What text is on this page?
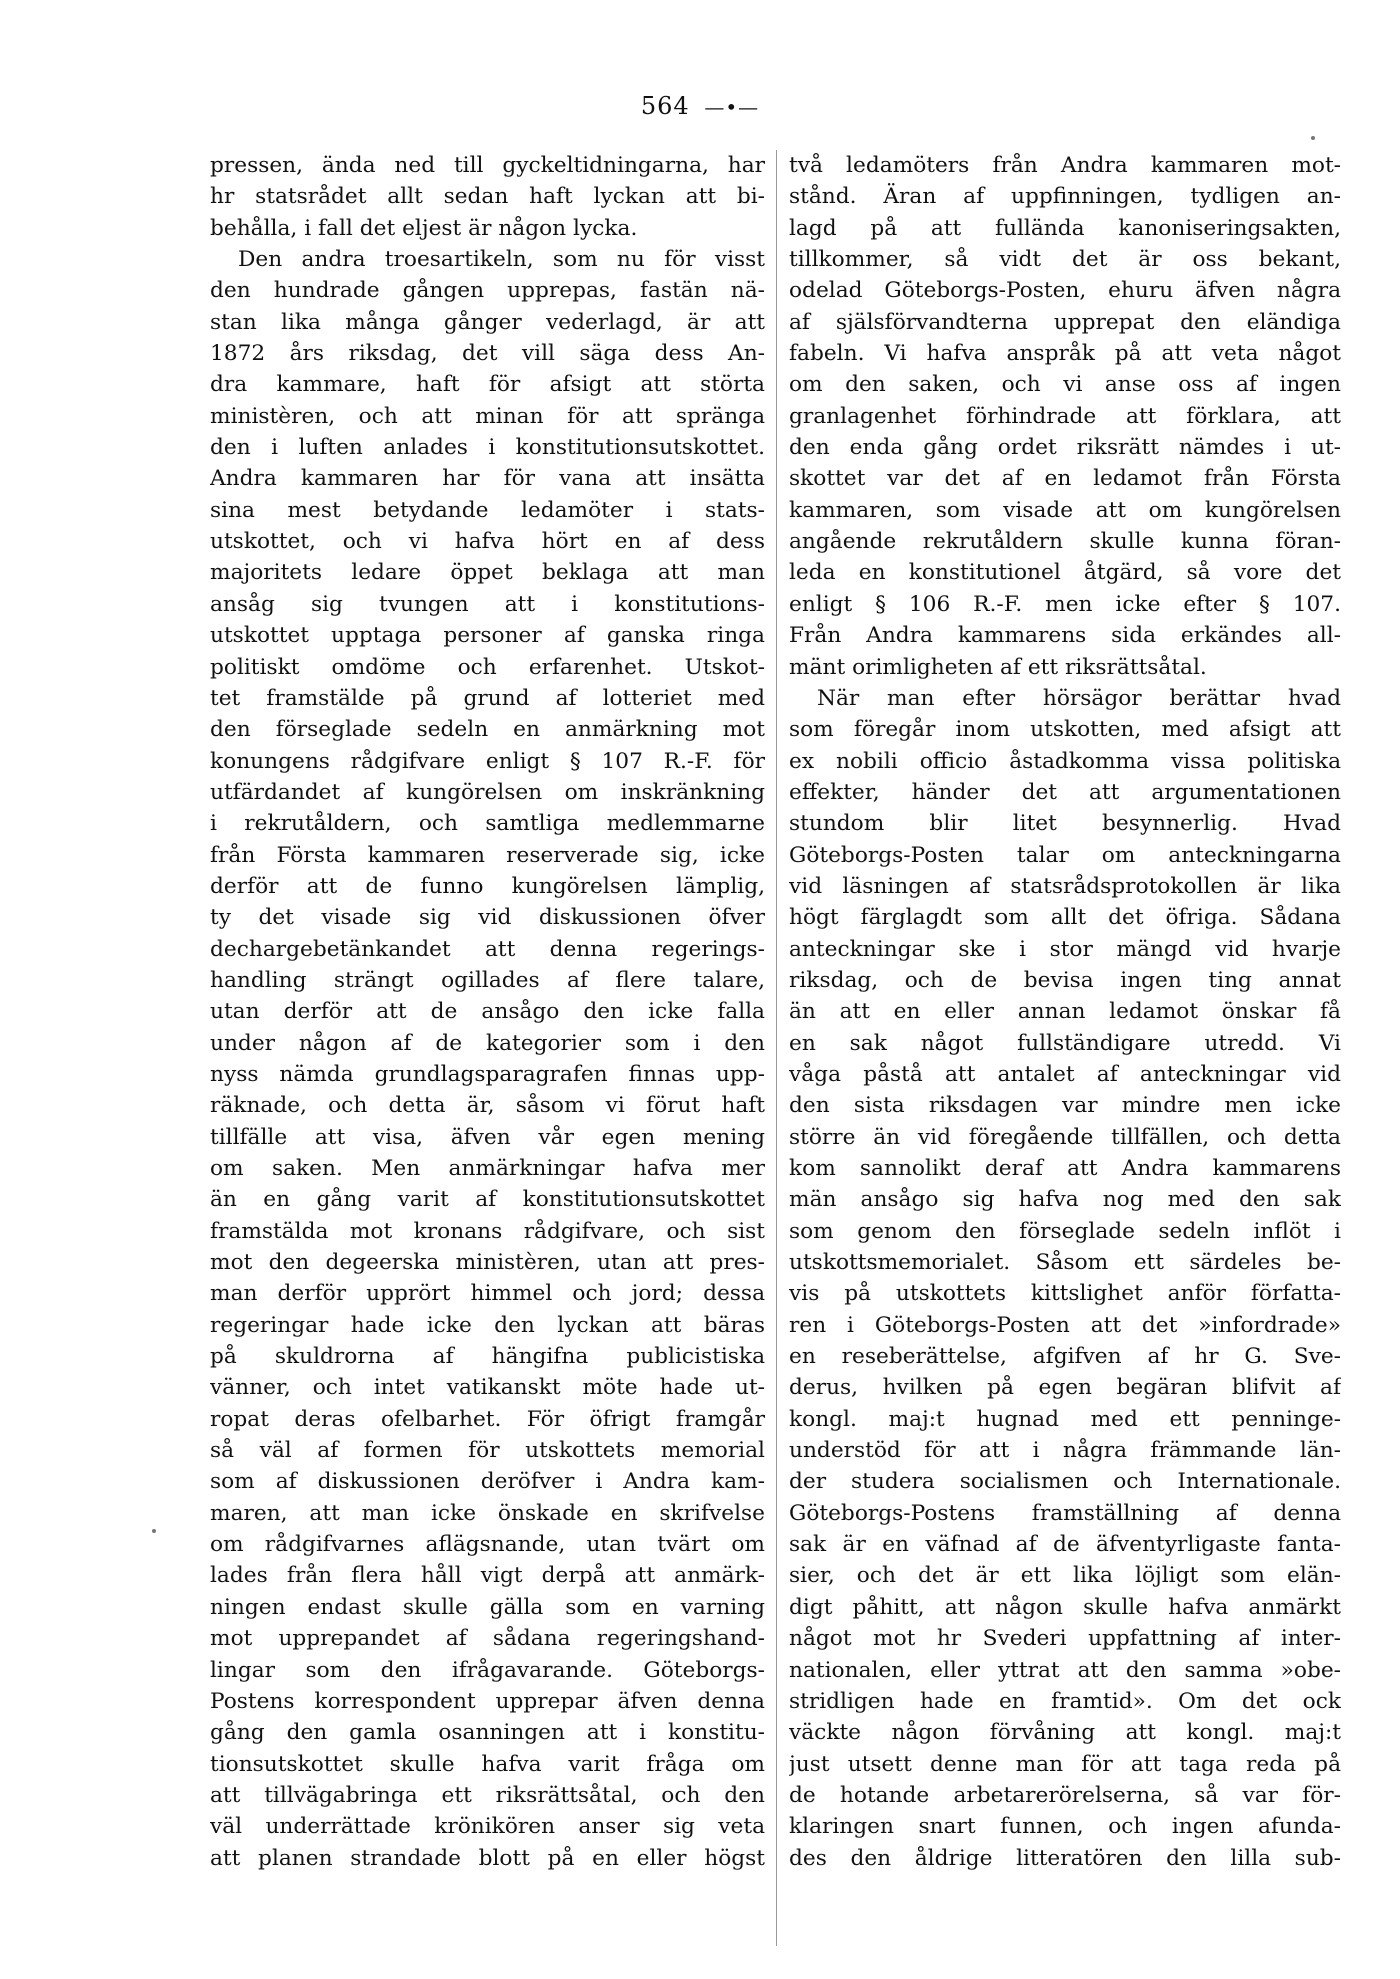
564 —•—
pressen, ända ned till gyckeltidningarna, har
hr statsrådet allt sedan haft lyckan att bi-
behålla, i fall det eljest är någon lycka.
Den andra troesartikeln, som nu för visst
den hundrade gången upprepas, fastän nä-
stan lika många gånger vederlagd, är att
1872 års riksdag, det vill säga dess An-
dra kammare, haft för afsigt att störta
ministèren, och att minan för att spränga
den i luften anlades i konstitutionsutskottet.
Andra kammaren har för vana att insätta
sina mest betydande ledamöter i stats-
utskottet, och vi hafva hört en af dess
majoritets ledare öppet beklaga att man
ansåg sig tvungen att i konstitutions-
utskottet upptaga personer af ganska ringa
politiskt omdöme och erfarenhet. Utskot-
tet framstälde på grund af lotteriet med
den förseglade sedeln en anmärkning mot
konungens rådgifvare enligt § 107 R.-F. för
utfärdandet af kungörelsen om inskränkning
i rekrutåldern, och samtliga medlemmarne
från Första kammaren reserverade sig, icke
derför att de funno kungörelsen lämplig,
ty det visade sig vid diskussionen öfver
dechargebetänkandet att denna regerings-
handling strängt ogillades af flere talare,
utan derför att de ansågo den icke falla
under någon af de kategorier som i den
nyss nämda grundlagsparagrafen finnas upp-
räknade, och detta är, såsom vi förut haft
tillfälle att visa, äfven vår egen mening
om saken. Men anmärkningar hafva mer
än en gång varit af konstitutionsutskottet
framstälda mot kronans rådgifvare, och sist
mot den degeerska ministèren, utan att pres-
man derför upprört himmel och jord; dessa
regeringar hade icke den lyckan att bäras
på skuldrorna af hängifna publicistiska
vänner, och intet vatikanskt möte hade ut-
ropat deras ofelbarhet. För öfrigt framgår
så väl af formen för utskottets memorial
som af diskussionen deröfver i Andra kam-
maren, att man icke önskade en skrifvelse
om rådgifvarnes aflägsnande, utan tvärt om
lades från flera håll vigt derpå att anmärk-
ningen endast skulle gälla som en varning
mot upprepandet af sådana regeringshand-
lingar som den ifrågavarande. Göteborgs-
Postens korrespondent upprepar äfven denna
gång den gamla osanningen att i konstitu-
tionsutskottet skulle hafva varit fråga om
att tillvägabringa ett riksrättsåtal, och den
väl underrättade krönikören anser sig veta
att planen strandade blott på en eller högst
två ledamöters från Andra kammaren mot-
stånd. Äran af uppfinningen, tydligen an-
lagd på att fullända kanoniseringsakten,
tillkommer, så vidt det är oss bekant,
odelad Göteborgs-Posten, ehuru äfven några
af själsförvandterna upprepat den eländiga
fabeln. Vi hafva anspråk på att veta något
om den saken, och vi anse oss af ingen
granlagenhet förhindrade att förklara, att
den enda gång ordet riksrätt nämdes i ut-
skottet var det af en ledamot från Första
kammaren, som visade att om kungörelsen
angående rekrutåldern skulle kunna föran-
leda en konstitutionel åtgärd, så vore det
enligt § 106 R.-F. men icke efter § 107.
Från Andra kammarens sida erkändes all-
mänt orimligheten af ett riksrättsåtal.
När man efter hörsägor berättar hvad
som föregår inom utskotten, med afsigt att
ex nobili officio åstadkomma vissa politiska
effekter, händer det att argumentationen
stundom blir litet besynnerlig. Hvad
Göteborgs-Posten talar om anteckningarna
vid läsningen af statsrådsprotokollen är lika
högt färglagdt som allt det öfriga. Sådana
anteckningar ske i stor mängd vid hvarje
riksdag, och de bevisa ingen ting annat
än att en eller annan ledamot önskar få
en sak något fullständigare utredd. Vi
våga påstå att antalet af anteckningar vid
den sista riksdagen var mindre men icke
större än vid föregående tillfällen, och detta
kom sannolikt deraf att Andra kammarens
män ansågo sig hafva nog med den sak
som genom den förseglade sedeln inflöt i
utskottsmemorialet. Såsom ett särdeles be-
vis på utskottets kittslighet anför författa-
ren i Göteborgs-Posten att det »infordrade»
en reseberättelse, afgifven af hr G. Sve-
derus, hvilken på egen begäran blifvit af
kongl. maj:t hugnad med ett penninge-
understöd för att i några främmande län-
der studera socialismen och Internationale.
Göteborgs-Postens framställning af denna
sak är en väfnad af de äfventyrligaste fanta-
sier, och det är ett lika löjligt som elän-
digt påhitt, att någon skulle hafva anmärkt
något mot hr Svederi uppfattning af inter-
nationalen, eller yttrat att den samma »obe-
stridligen hade en framtid». Om det ock
väckte någon förvåning att kongl. maj:t
just utsett denne man för att taga reda på
de hotande arbetarerörelserna, så var för-
klaringen snart funnen, och ingen afunda-
des den åldrige litteratören den lilla sub-
